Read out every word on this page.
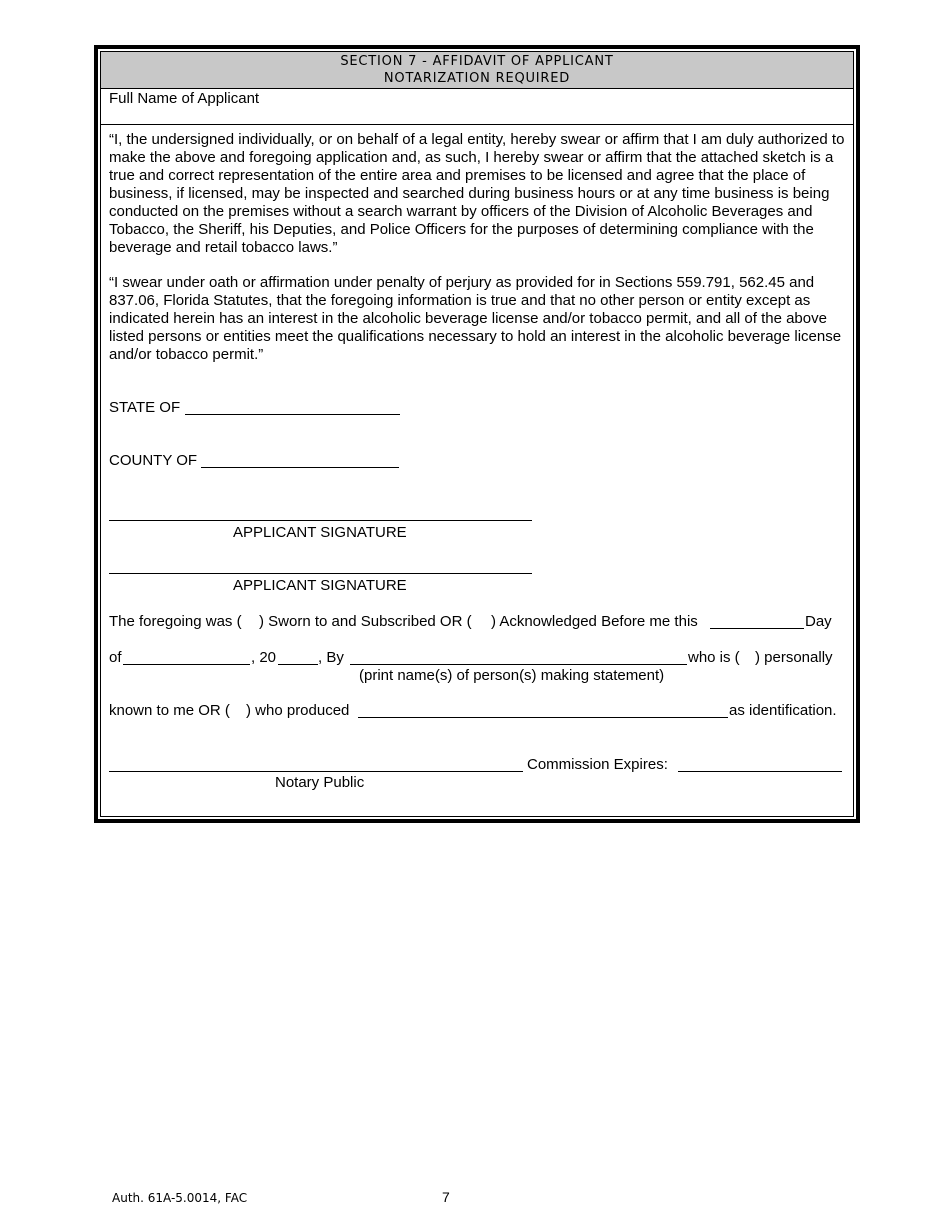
SECTION 7 - AFFIDAVIT OF APPLICANT
NOTARIZATION REQUIRED
Full Name of Applicant
“I, the undersigned individually, or on behalf of a legal entity, hereby swear or affirm that I am duly authorized to make the above and foregoing application and, as such, I hereby swear or affirm that the attached sketch is a true and correct representation of the entire area and premises to be licensed and agree that the place of business, if licensed, may be inspected and searched during business hours or at any time business is being conducted on the premises without a search warrant by officers of the Division of Alcoholic Beverages and Tobacco, the Sheriff, his Deputies, and Police Officers for the purposes of determining compliance with the beverage and retail tobacco laws.”
“I swear under oath or affirmation under penalty of perjury as provided for in Sections 559.791, 562.45 and 837.06, Florida Statutes, that the foregoing information is true and that no other person or entity except as indicated herein has an interest in the alcoholic beverage license and/or tobacco permit, and all of the above listed persons or entities meet the qualifications necessary to hold an interest in the alcoholic beverage license and/or tobacco permit.”
STATE OF
COUNTY OF
APPLICANT SIGNATURE
APPLICANT SIGNATURE
The foregoing was ( ) Sworn to and Subscribed OR ( ) Acknowledged Before me this	Day
of	, 20	, By	who is ( ) personally
(print name(s) of person(s) making statement)
known to me OR ( ) who produced	as identification.
Commission Expires:
Notary Public
Auth. 61A-5.0014, FAC	7
